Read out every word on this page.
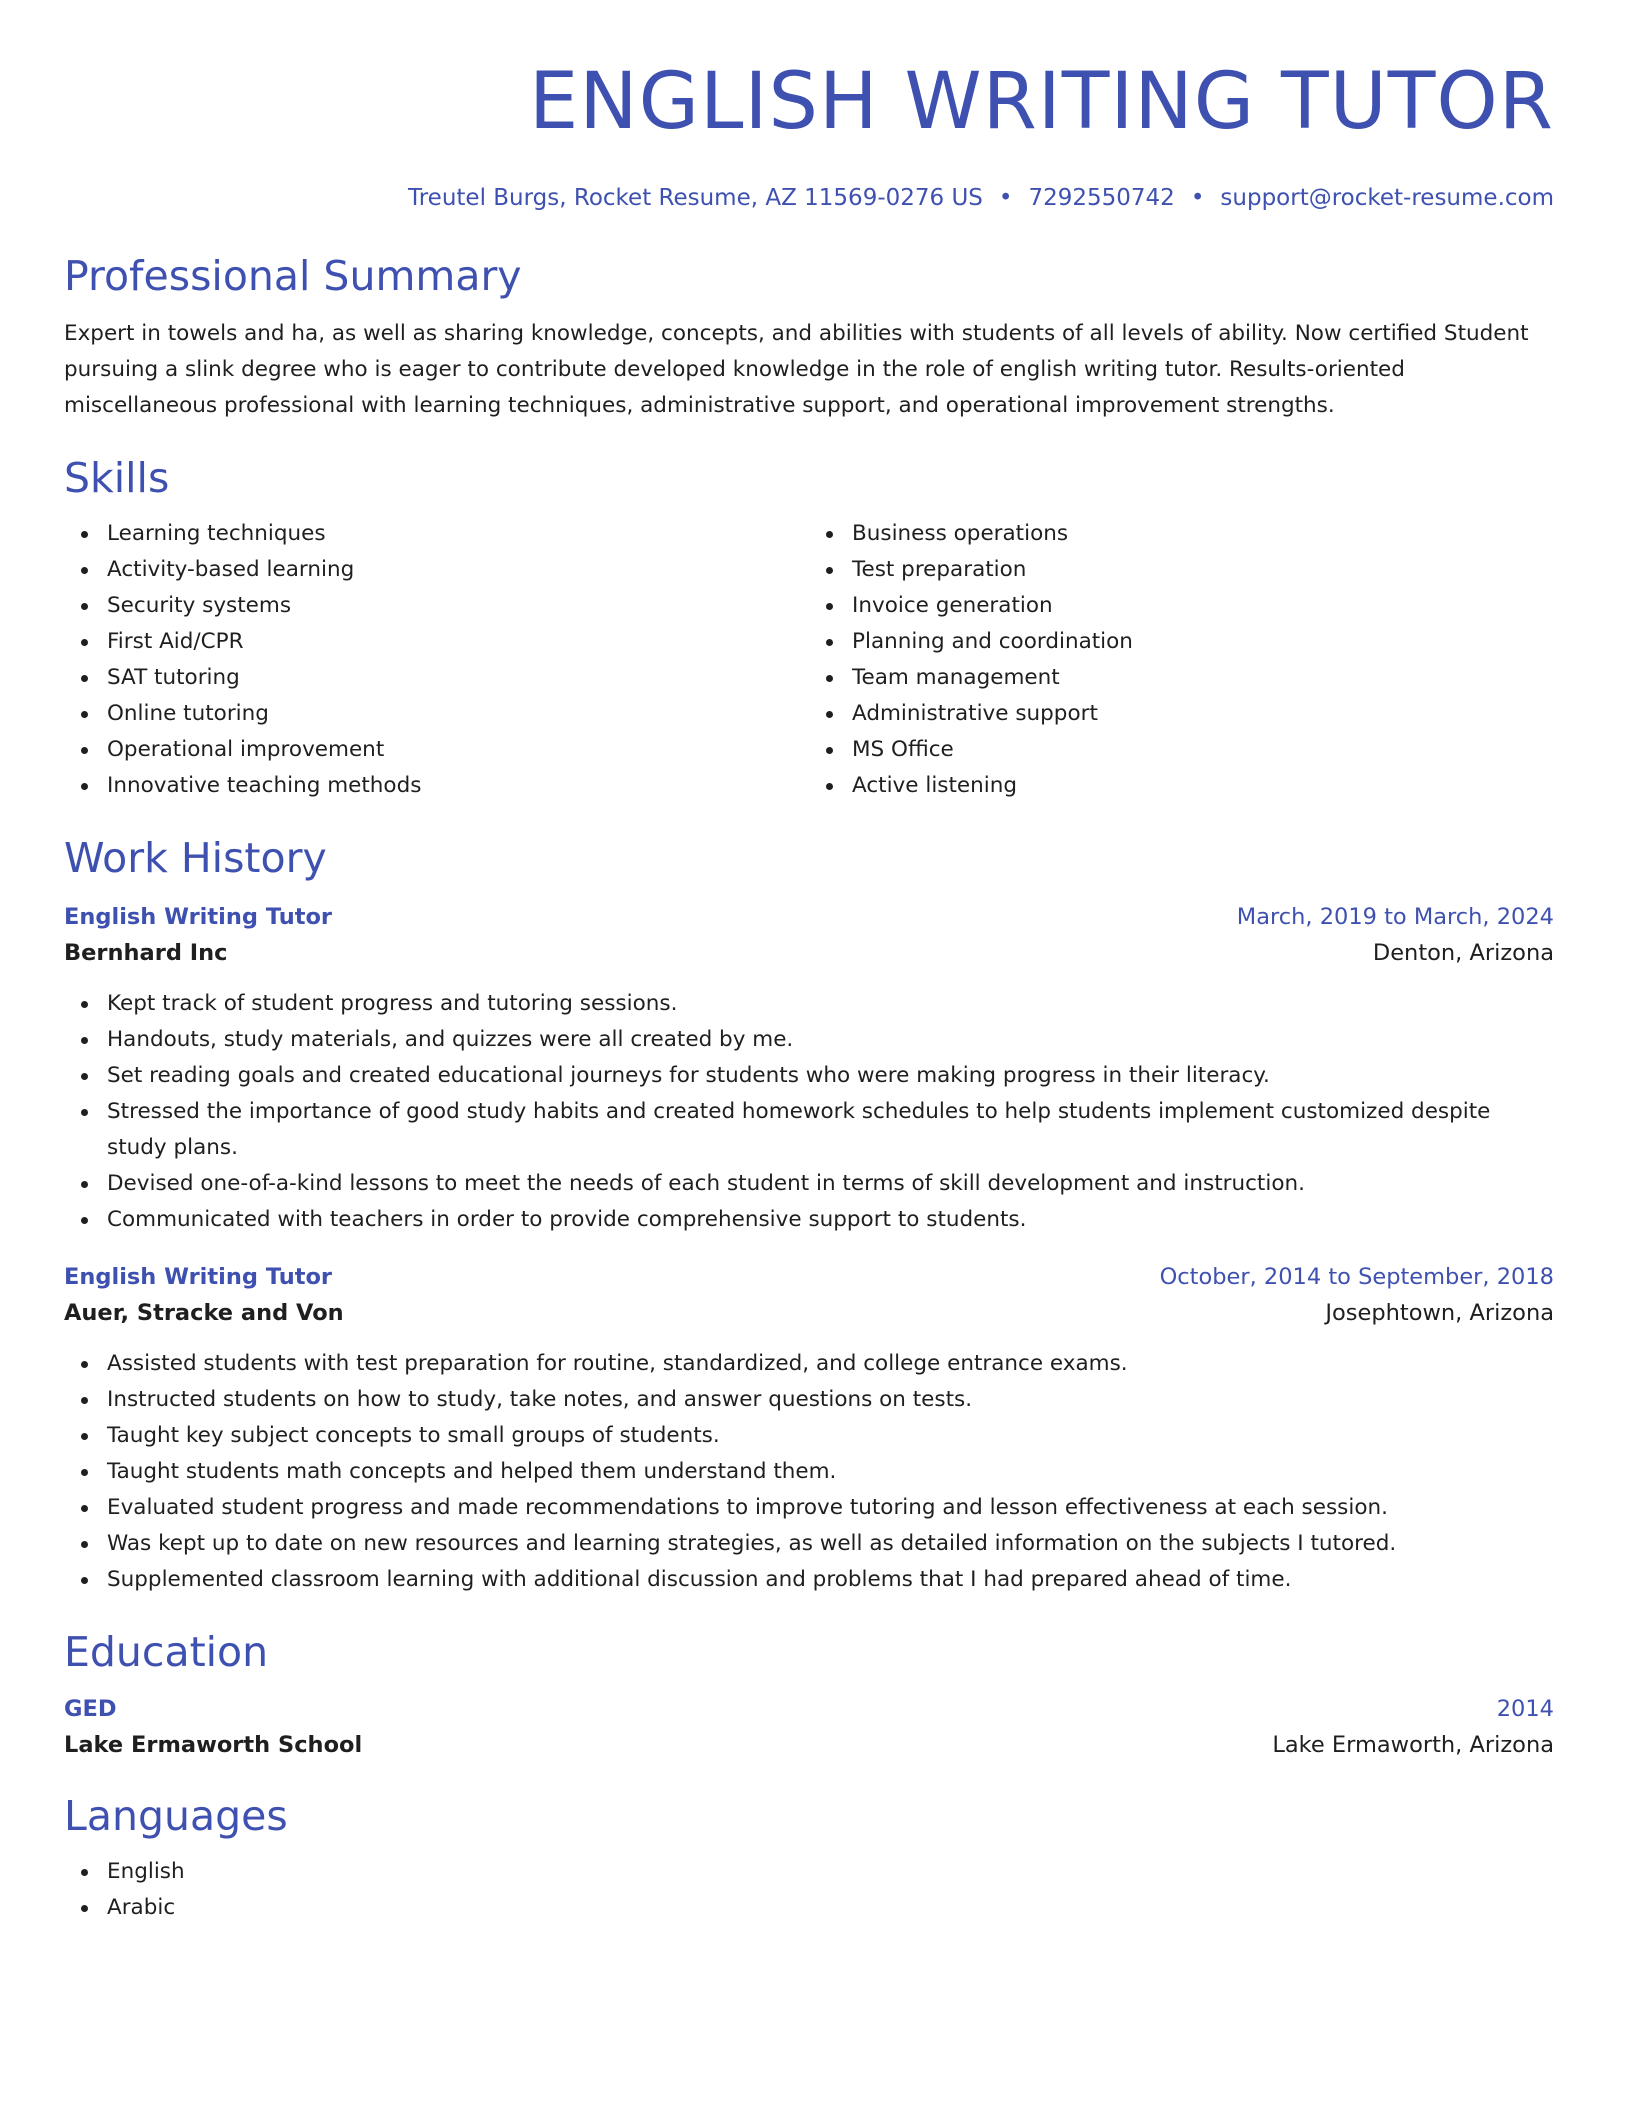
ENGLISH WRITING TUTOR
Treutel Burgs, Rocket Resume, AZ 11569-0276 US • 7292550742 • support@rocket-resume.com
Professional Summary
Expert in towels and ha, as well as sharing knowledge, concepts, and abilities with students of all levels of ability. Now certified Student pursuing a slink degree who is eager to contribute developed knowledge in the role of english writing tutor. Results-oriented miscellaneous professional with learning techniques, administrative support, and operational improvement strengths.
Skills
Learning techniques
Activity-based learning
Security systems
First Aid/CPR
SAT tutoring
Online tutoring
Operational improvement
Innovative teaching methods
Business operations
Test preparation
Invoice generation
Planning and coordination
Team management
Administrative support
MS Office
Active listening
Work History
English Writing Tutor	March, 2019 to March, 2024
Bernhard Inc	Denton, Arizona
Kept track of student progress and tutoring sessions.
Handouts, study materials, and quizzes were all created by me.
Set reading goals and created educational journeys for students who were making progress in their literacy.
Stressed the importance of good study habits and created homework schedules to help students implement customized despite study plans.
Devised one-of-a-kind lessons to meet the needs of each student in terms of skill development and instruction.
Communicated with teachers in order to provide comprehensive support to students.
English Writing Tutor	October, 2014 to September, 2018
Auer, Stracke and Von	Josephtown, Arizona
Assisted students with test preparation for routine, standardized, and college entrance exams.
Instructed students on how to study, take notes, and answer questions on tests.
Taught key subject concepts to small groups of students.
Taught students math concepts and helped them understand them.
Evaluated student progress and made recommendations to improve tutoring and lesson effectiveness at each session.
Was kept up to date on new resources and learning strategies, as well as detailed information on the subjects I tutored.
Supplemented classroom learning with additional discussion and problems that I had prepared ahead of time.
Education
GED	2014
Lake Ermaworth School	Lake Ermaworth, Arizona
Languages
English
Arabic
